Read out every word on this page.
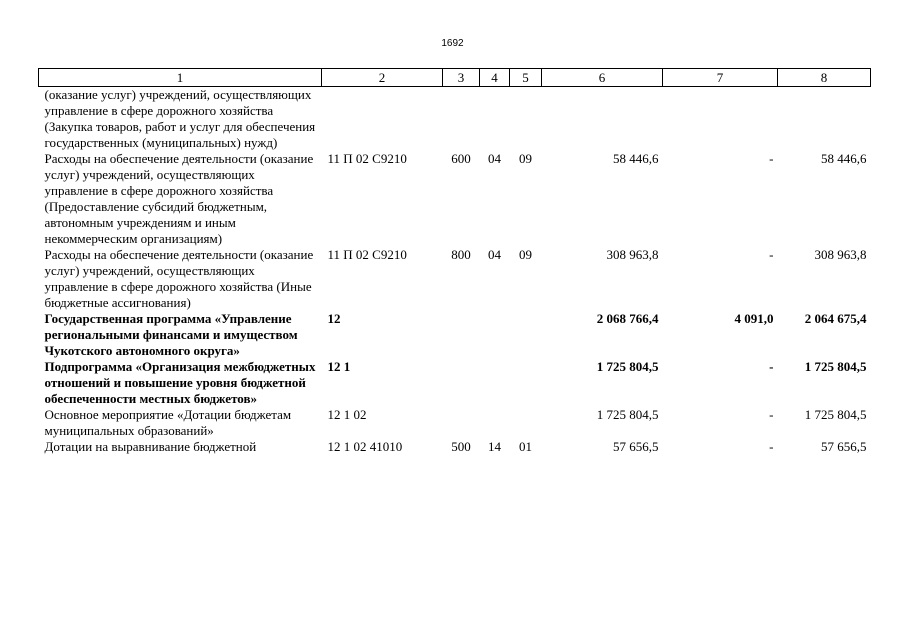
1692
1	2	3	4	5	6	7	8
(оказание услуг) учреждений, осуществляющих управление в сфере дорожного хозяйства (Закупка товаров, работ и услуг для обеспечения государственных (муниципальных) нужд)							
Расходы на обеспечение деятельности (оказание услуг) учреждений, осуществляющих управление в сфере дорожного хозяйства (Предоставление субсидий бюджетным, автономным учреждениям и иным некоммерческим организациям)	11 П 02 С9210	600	04	09	58 446,6	-	58 446,6
Расходы на обеспечение деятельности (оказание услуг) учреждений, осуществляющих управление в сфере дорожного хозяйства (Иные бюджетные ассигнования)	11 П 02 С9210	800	04	09	308 963,8	-	308 963,8
Государственная программа «Управление региональными финансами и имуществом Чукотского автономного округа»	12				2 068 766,4	4 091,0	2 064 675,4
Подпрограмма «Организация межбюджетных отношений и повышение уровня бюджетной обеспеченности местных бюджетов»	12 1				1 725 804,5	-	1 725 804,5
Основное мероприятие «Дотации бюджетам муниципальных образований»	12 1 02				1 725 804,5	-	1 725 804,5
Дотации на выравнивание бюджетной	12 1 02 41010	500	14	01	57 656,5	-	57 656,5
